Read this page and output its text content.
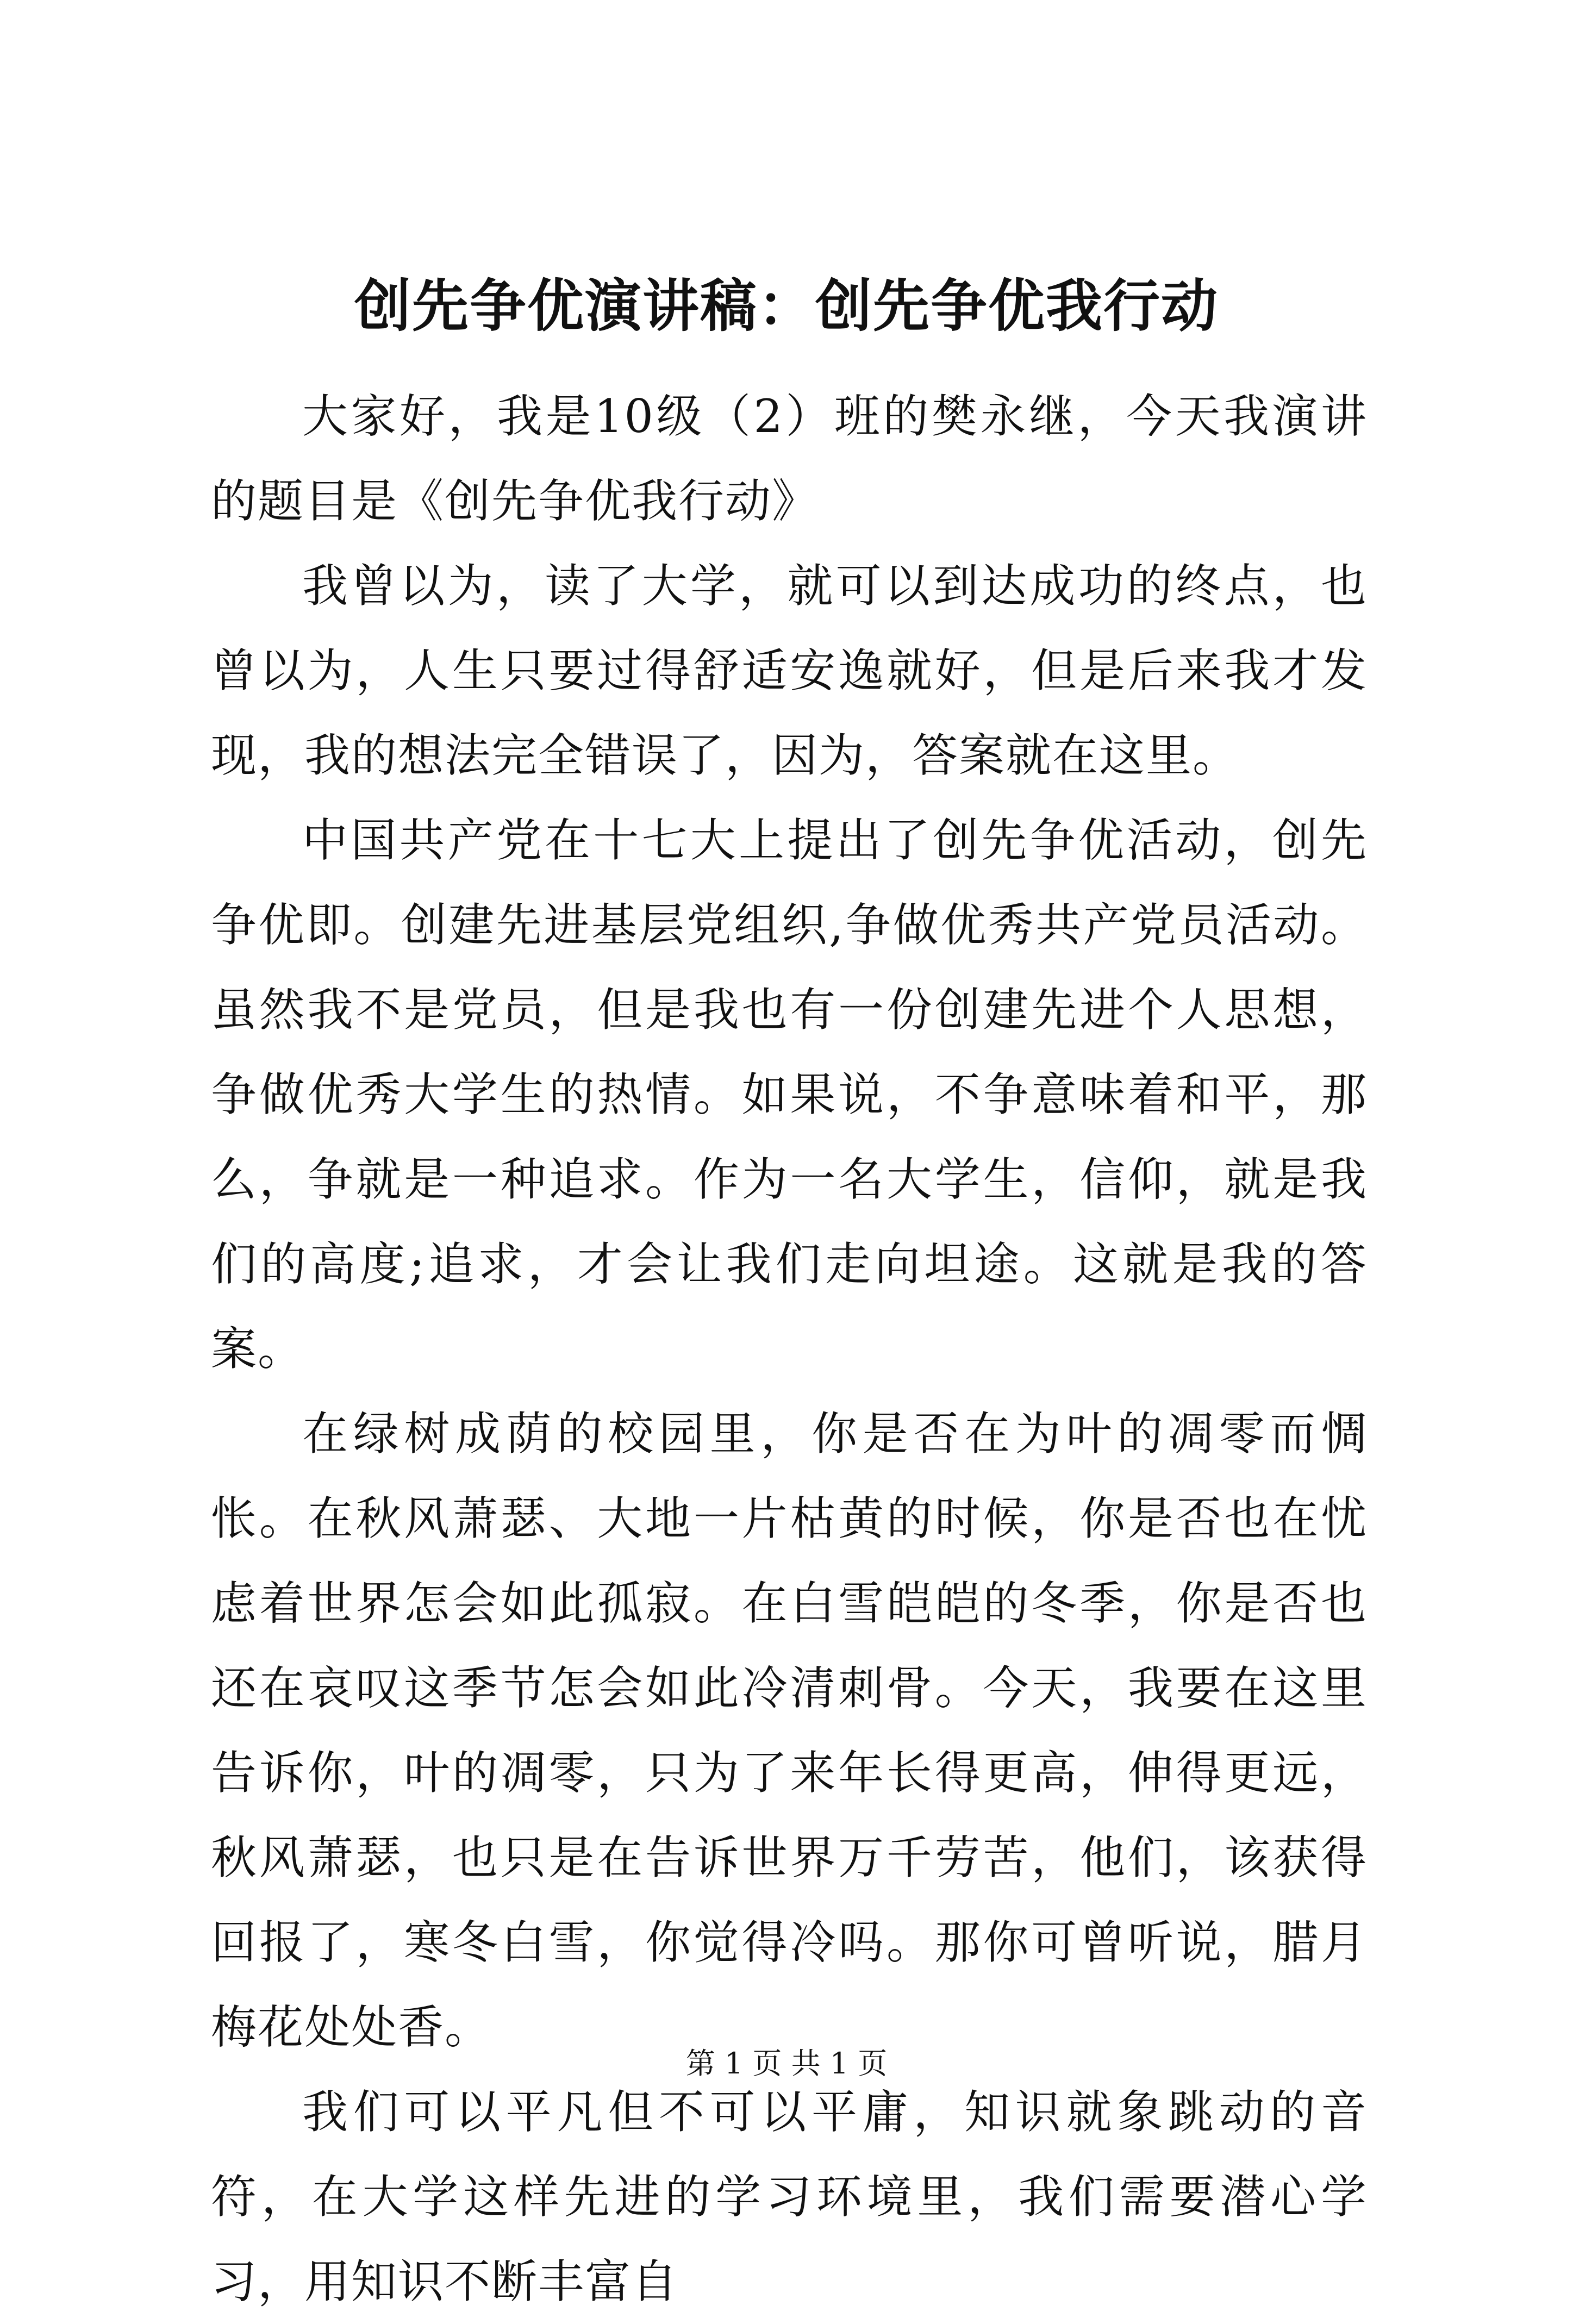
创先争优演讲稿：创先争优我行动

大家好，我是10级（2）班的樊永继，今天我演讲的题目是《创先争优我行动》

我曾以为，读了大学，就可以到达成功的终点，也曾以为，人生只要过得舒适安逸就好，但是后来我才发现，我的想法完全错误了，因为，答案就在这里。

中国共产党在十七大上提出了创先争优活动，创先争优即。创建先进基层党组织,争做优秀共产党员活动。虽然我不是党员，但是我也有一份创建先进个人思想，争做优秀大学生的热情。如果说，不争意味着和平，那么，争就是一种追求。作为一名大学生，信仰，就是我们的高度;追求，才会让我们走向坦途。这就是我的答案。

在绿树成荫的校园里，你是否在为叶的凋零而惆怅。在秋风萧瑟、大地一片枯黄的时候，你是否也在忧虑着世界怎会如此孤寂。在白雪皑皑的冬季，你是否也还在哀叹这季节怎会如此冷清刺骨。今天，我要在这里告诉你，叶的凋零，只为了来年长得更高，伸得更远，秋风萧瑟，也只是在告诉世界万千劳苦，他们，该获得回报了，寒冬白雪，你觉得冷吗。那你可曾听说，腊月梅花处处香。

我们可以平凡但不可以平庸，知识就象跳动的音符，在大学这样先进的学习环境里，我们需要潜心学习，用知识不断丰富自

第 1 页 共 1 页
